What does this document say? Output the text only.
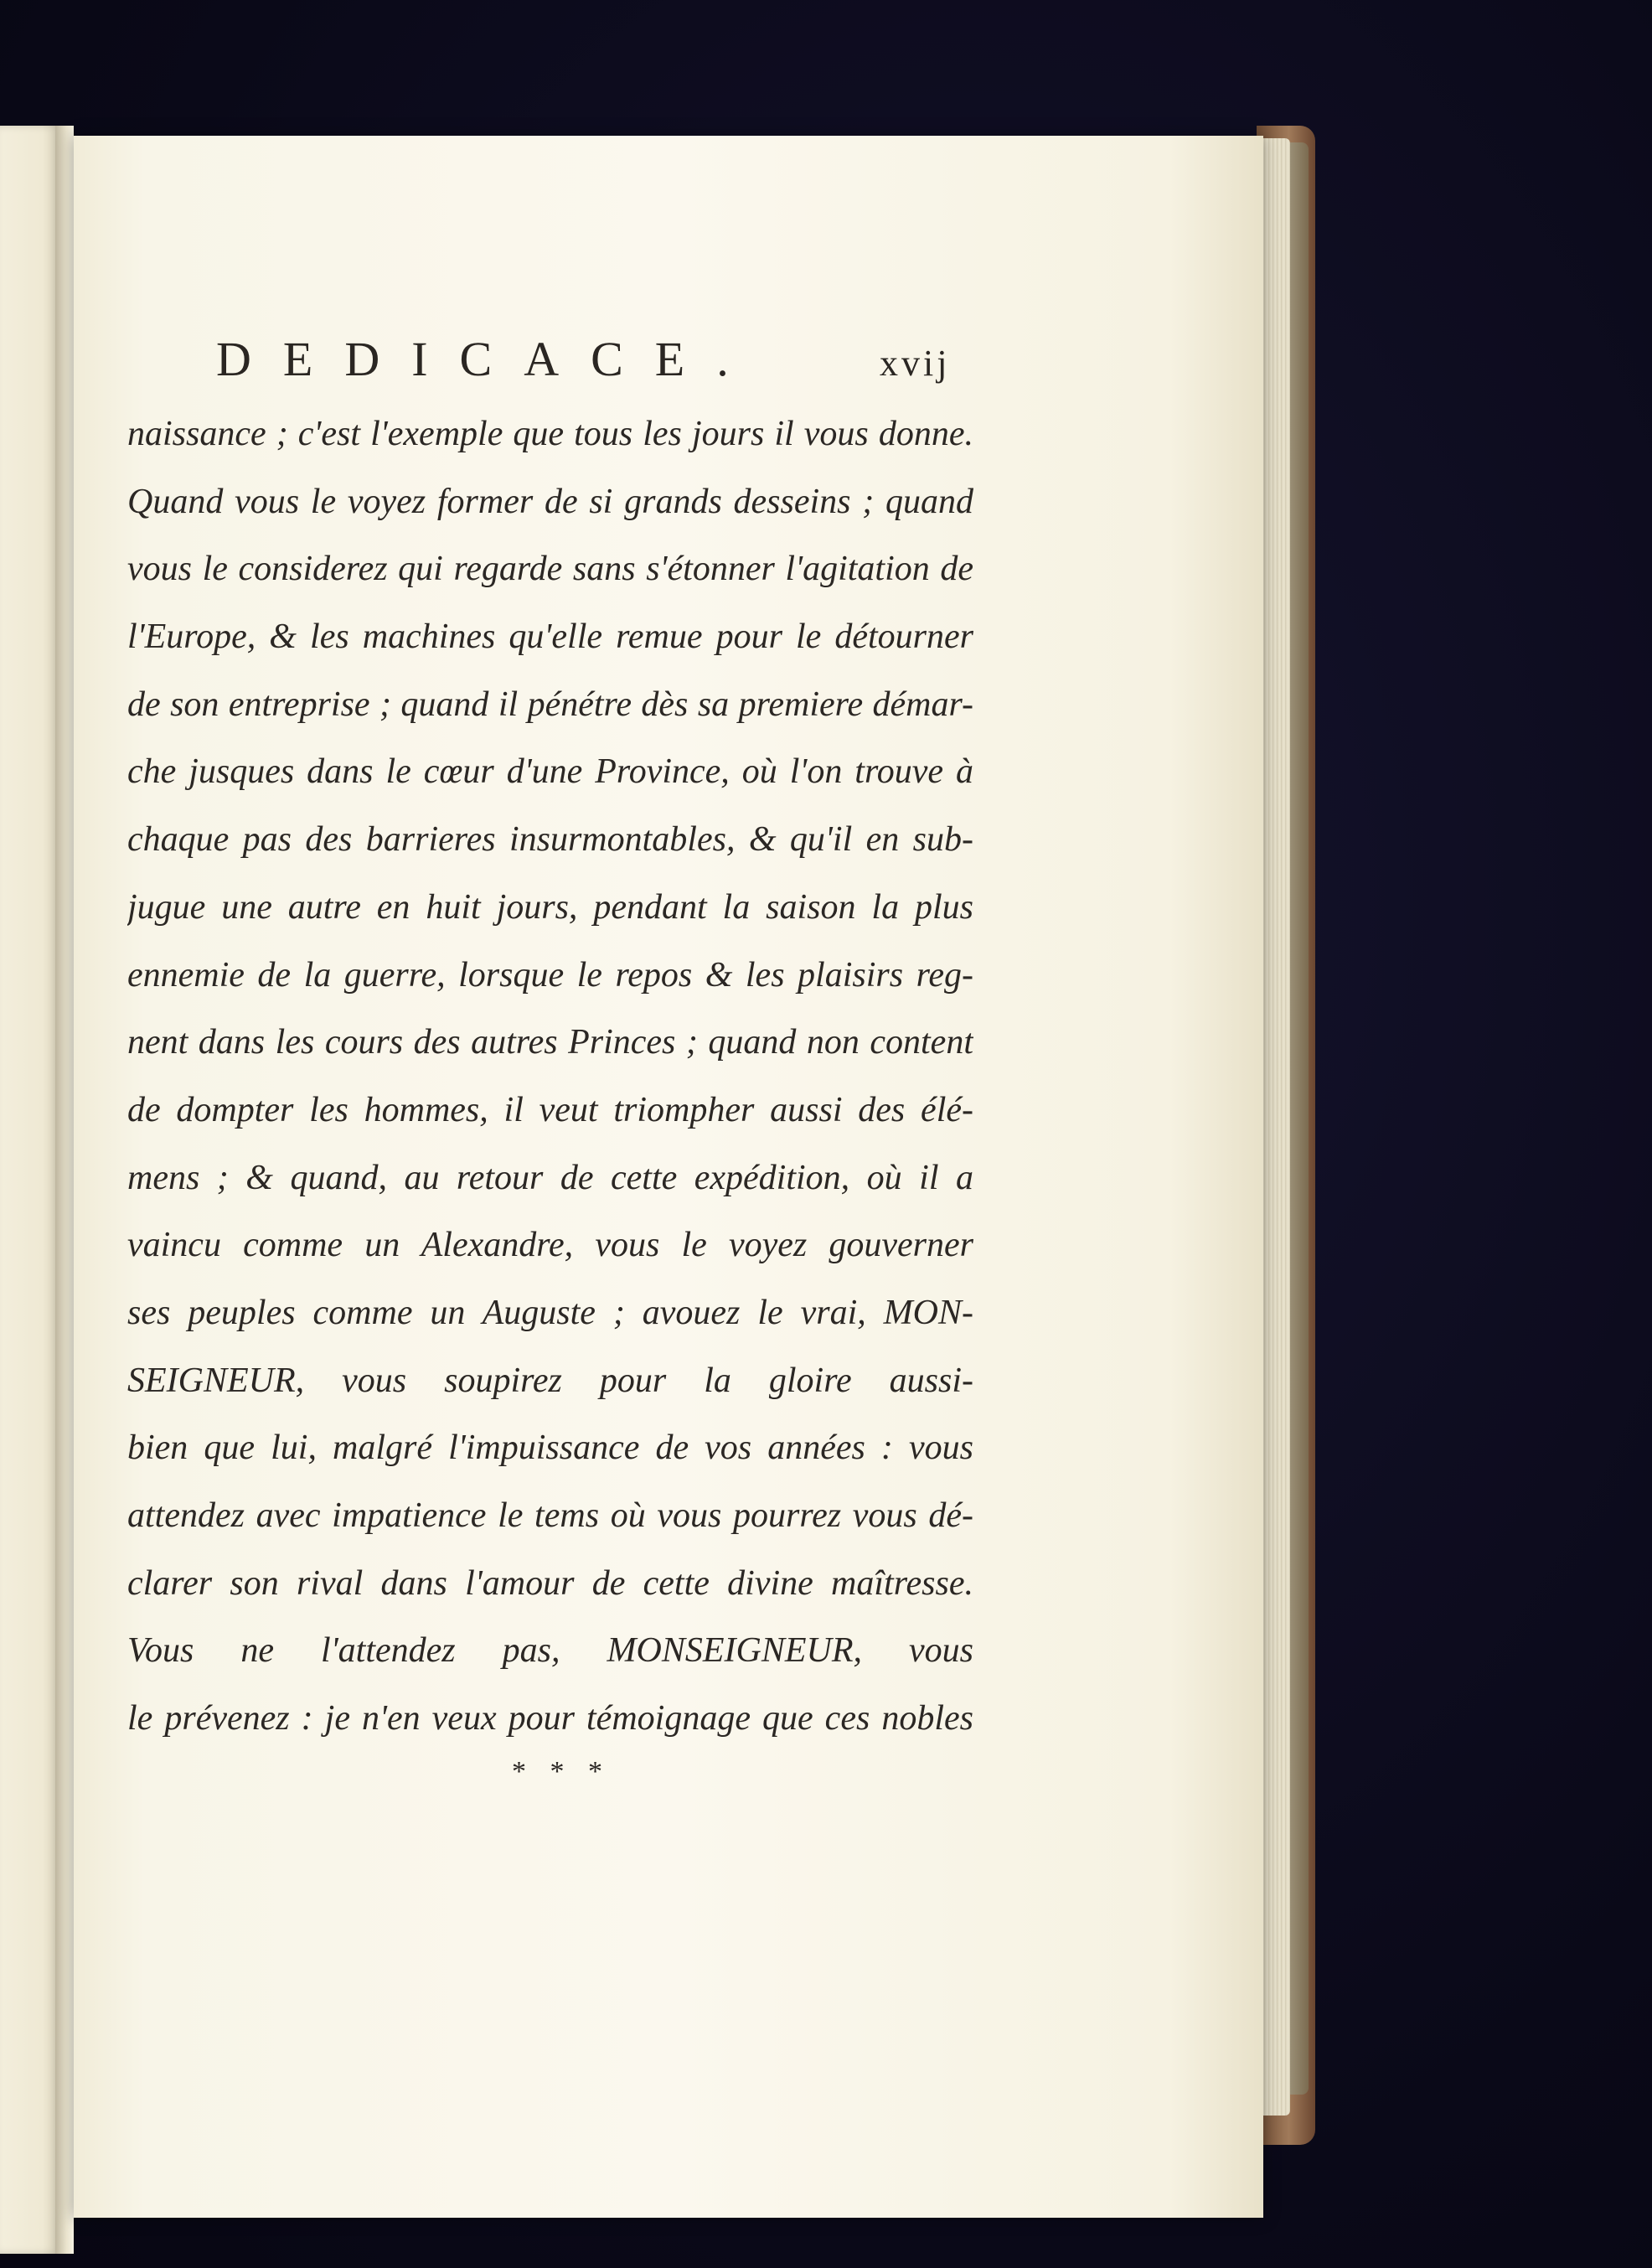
DEDICACE.	xvij
naissance ; c'est l'exemple que tous les jours il vous donne.
Quand vous le voyez former de si grands desseins ; quand
vous le considerez qui regarde sans s'étonner l'agitation de
l'Europe, & les machines qu'elle remue pour le détourner
de son entreprise ; quand il pénétre dès sa premiere démar-
che jusques dans le cœur d'une Province, où l'on trouve à
chaque pas des barrieres insurmontables, & qu'il en sub-
jugue une autre en huit jours, pendant la saison la plus
ennemie de la guerre, lorsque le repos & les plaisirs reg-
nent dans les cours des autres Princes ; quand non content
de dompter les hommes, il veut triompher aussi des élé-
mens ; & quand, au retour de cette expédition, où il a
vaincu comme un Alexandre, vous le voyez gouverner
ses peuples comme un Auguste ; avouez le vrai, MON-
SEIGNEUR, vous soupirez pour la gloire aussi-
bien que lui, malgré l'impuissance de vos années : vous
attendez avec impatience le tems où vous pourrez vous dé-
clarer son rival dans l'amour de cette divine maîtresse.
Vous ne l'attendez pas, MONSEIGNEUR, vous
le prévenez : je n'en veux pour témoignage que ces nobles
* * *
